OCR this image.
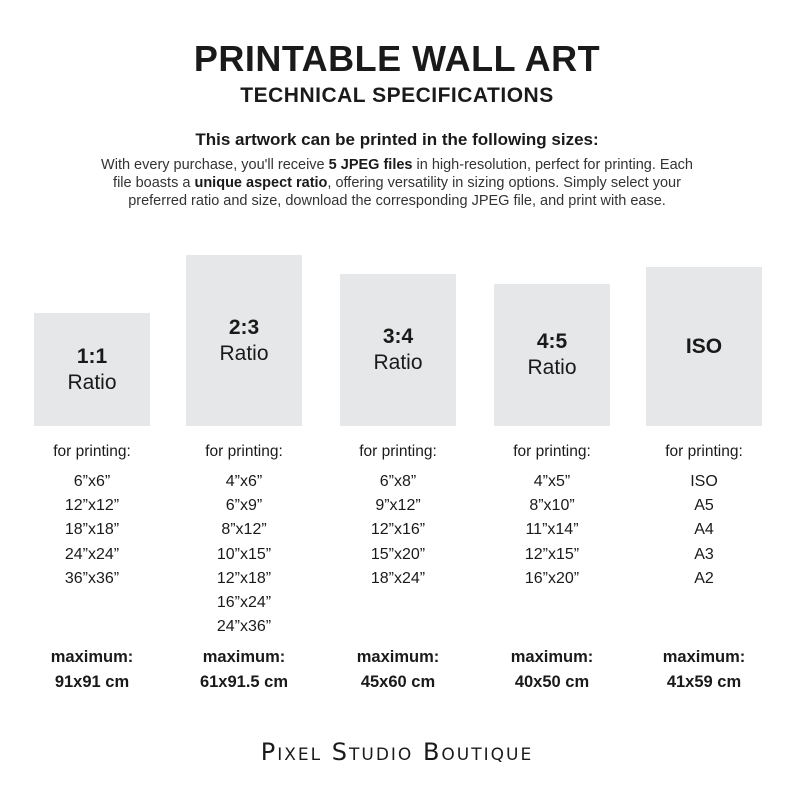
PRINTABLE WALL ART
TECHNICAL SPECIFICATIONS
This artwork can be printed in the following sizes:
With every purchase, you'll receive 5 JPEG files in high-resolution, perfect for printing. Each file boasts a unique aspect ratio, offering versatility in sizing options. Simply select your preferred ratio and size, download the corresponding JPEG file, and print with ease.
1:1
Ratio
for printing:
6”x6”
12”x12”
18”x18”
24”x24”
36”x36”
maximum:
91x91 cm
2:3
Ratio
for printing:
4”x6”
6”x9”
8”x12”
10”x15”
12”x18”
16”x24”
24”x36”
maximum:
61x91.5 cm
3:4
Ratio
for printing:
6”x8”
9”x12”
12”x16”
15”x20”
18”x24”
maximum:
45x60 cm
4:5
Ratio
for printing:
4”x5”
8”x10”
11”x14”
12”x15”
16”x20”
maximum:
40x50 cm
ISO
for printing:
ISO
A5
A4
A3
A2
maximum:
41x59 cm
Pixel Studio Boutique
